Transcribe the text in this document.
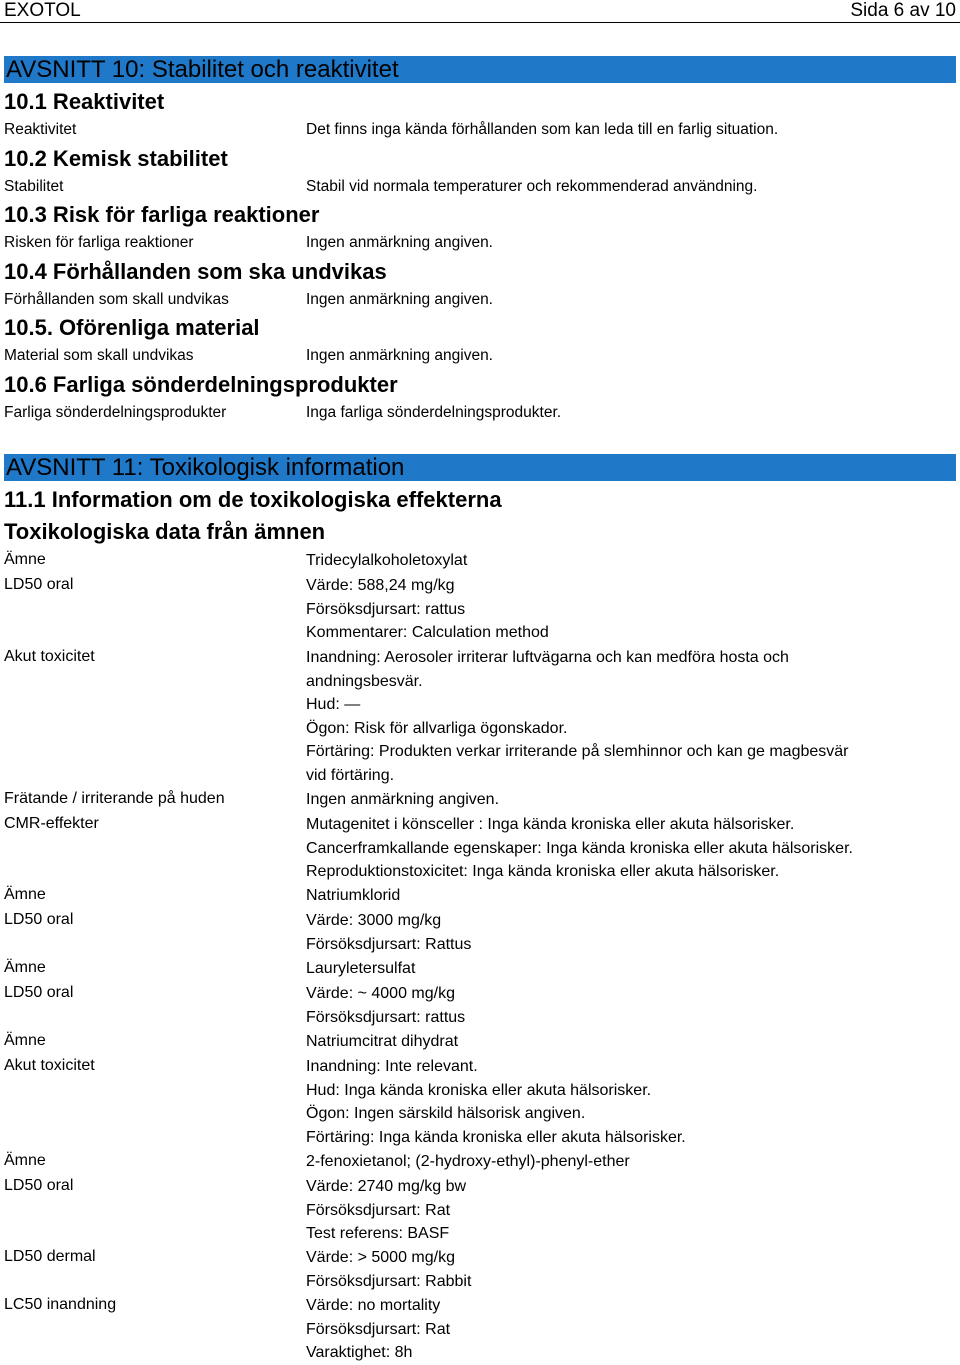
EXOTOL	Sida 6 av 10
AVSNITT 10: Stabilitet och reaktivitet
10.1 Reaktivitet
Reaktivitet	Det finns inga kända förhållanden som kan leda till en farlig situation.
10.2 Kemisk stabilitet
Stabilitet	Stabil vid normala temperaturer och rekommenderad användning.
10.3 Risk för farliga reaktioner
Risken för farliga reaktioner	Ingen anmärkning angiven.
10.4 Förhållanden som ska undvikas
Förhållanden som skall undvikas	Ingen anmärkning angiven.
10.5. Oförenliga material
Material som skall undvikas	Ingen anmärkning angiven.
10.6 Farliga sönderdelningsprodukter
Farliga sönderdelningsprodukter	Inga farliga sönderdelningsprodukter.
AVSNITT 11: Toxikologisk information
11.1 Information om de toxikologiska effekterna
Toxikologiska data från ämnen
Ämne	Tridecylalkoholetoxylat
LD50 oral	Värde: 588,24 mg/kg
Försöksdjursart: rattus
Kommentarer: Calculation method
Akut toxicitet	Inandning: Aerosoler irriterar luftvägarna och kan medföra hosta och
andningsbesvär.
Hud: —
Ögon: Risk för allvarliga ögonskador.
Förtäring: Produkten verkar irriterande på slemhinnor och kan ge magbesvär
vid förtäring.
Frätande / irriterande på huden	Ingen anmärkning angiven.
CMR-effekter	Mutagenitet i könsceller : Inga kända kroniska eller akuta hälsorisker.
Cancerframkallande egenskaper: Inga kända kroniska eller akuta hälsorisker.
Reproduktionstoxicitet: Inga kända kroniska eller akuta hälsorisker.
Ämne	Natriumklorid
LD50 oral	Värde: 3000 mg/kg
Försöksdjursart: Rattus
Ämne	Lauryletersulfat
LD50 oral	Värde: ~ 4000 mg/kg
Försöksdjursart: rattus
Ämne	Natriumcitrat dihydrat
Akut toxicitet	Inandning: Inte relevant.
Hud: Inga kända kroniska eller akuta hälsorisker.
Ögon: Ingen särskild hälsorisk angiven.
Förtäring: Inga kända kroniska eller akuta hälsorisker.
Ämne	2-fenoxietanol; (2-hydroxy-ethyl)-phenyl-ether
LD50 oral	Värde: 2740 mg/kg bw
Försöksdjursart: Rat
Test referens: BASF
LD50 dermal	Värde: > 5000 mg/kg
Försöksdjursart: Rabbit
LC50 inandning	Värde: no mortality
Försöksdjursart: Rat
Varaktighet: 8h
